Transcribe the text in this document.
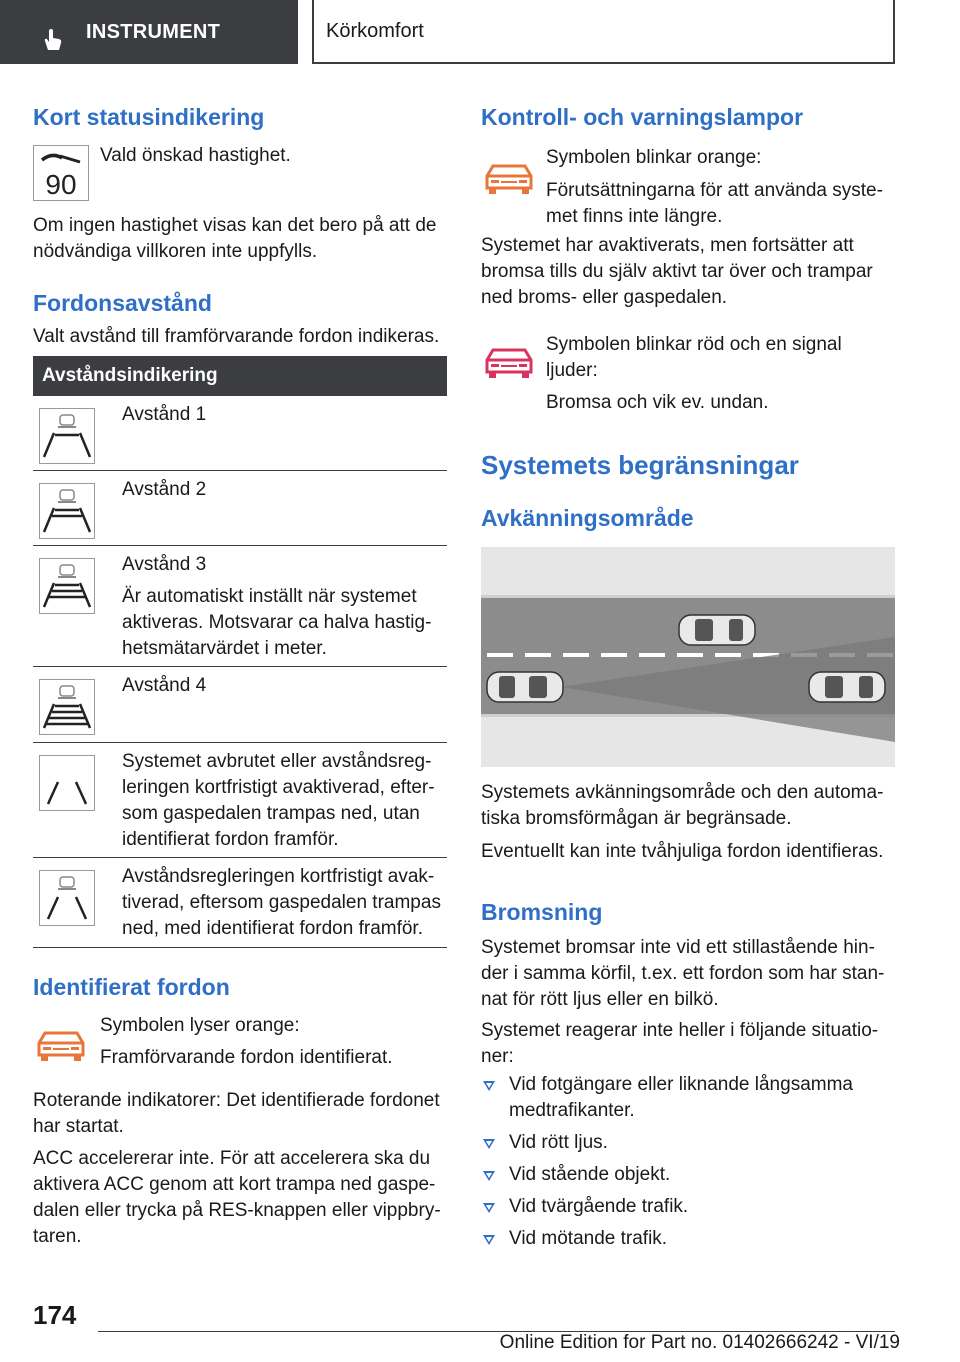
INSTRUMENT	Körkomfort
Kort statusindikering
90

Vald önskad hastighet.

Om ingen hastighet visas kan det bero på att de nödvändiga villkoren inte uppfylls.

Fordonsavstånd

Valt avstånd till framförvarande fordon indikeras.

Avståndsindikering
Avstånd 1
Avstånd 2
Avstånd 3
Är automatiskt inställt när systemet aktiveras. Motsvarar ca halva hastighetsmätarvärdet i meter.
Avstånd 4
Systemet avbrutet eller avståndsregleringen kortfristigt avaktiverad, eftersom gaspedalen trampas ned, utan identifierat fordon framför.
Avståndsregleringen kortfristigt avaktiverad, eftersom gaspedalen trampas ned, med identifierat fordon framför.
Identifierat fordon

Symbolen lyser orange:

Framförvarande fordon identifierat.

Roterande indikatorer: Det identifierade fordonet har startat.

ACC accelererar inte. För att accelerera ska du aktivera ACC genom att kort trampa ned gaspedalen eller trycka på RES-knappen eller vippbrytaren.

Kontroll- och varningslampor

Symbolen blinkar orange:

Förutsättningarna för att använda systemet finns inte längre.

Systemet har avaktiverats, men fortsätter att bromsa tills du själv aktivt tar över och trampar ned broms- eller gaspedalen.

Symbolen blinkar röd och en signal ljuder:

Bromsa och vik ev. undan.

Systemets begränsningar
Avkänningsområde

Systemets avkänningsområde och den automatiska bromsförmågan är begränsade.

Eventuellt kan inte tvåhjuliga fordon identifieras.

Bromsning

Systemet bromsar inte vid ett stillastående hinder i samma körfil, t.ex. ett fordon som har stannat för rött ljus eller en bilkö.

Systemet reagerar inte heller i följande situationer:

Vid fotgängare eller liknande långsamma medtrafikanter.
Vid rött ljus.
Vid stående objekt.
Vid tvärgående trafik.
Vid mötande trafik.
174
Online Edition for Part no. 01402666242 - VI/19
